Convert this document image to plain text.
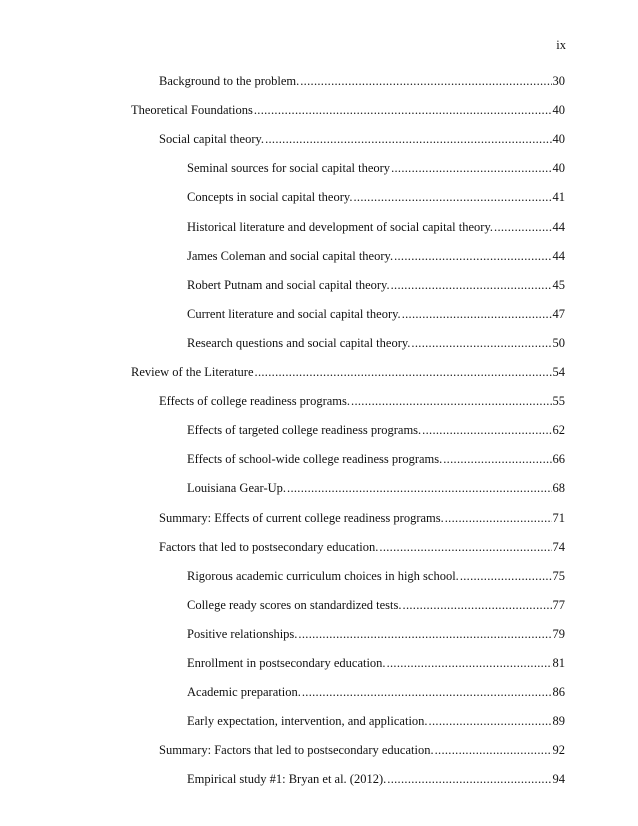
ix
Background to the problem. .....	30
Theoretical Foundations .....	40
Social capital theory. .....	40
Seminal sources for social capital theory .....	40
Concepts in social capital theory. .....	41
Historical literature and development of social capital theory. .....	44
James Coleman and social capital theory. .....	44
Robert Putnam and social capital theory. .....	45
Current literature and social capital theory. .....	47
Research questions and social capital theory. .....	50
Review of the Literature .....	54
Effects of college readiness programs. .....	55
Effects of targeted college readiness programs. .....	62
Effects of school-wide college readiness programs. .....	66
Louisiana Gear-Up. .....	68
Summary: Effects of current college readiness programs. .....	71
Factors that led to postsecondary education. .....	74
Rigorous academic curriculum choices in high school. .....	75
College ready scores on standardized tests. .....	77
Positive relationships. .....	79
Enrollment in postsecondary education. .....	81
Academic preparation. .....	86
Early expectation, intervention, and application. .....	89
Summary: Factors that led to postsecondary education. .....	92
Empirical study #1: Bryan et al. (2012). .....	94
